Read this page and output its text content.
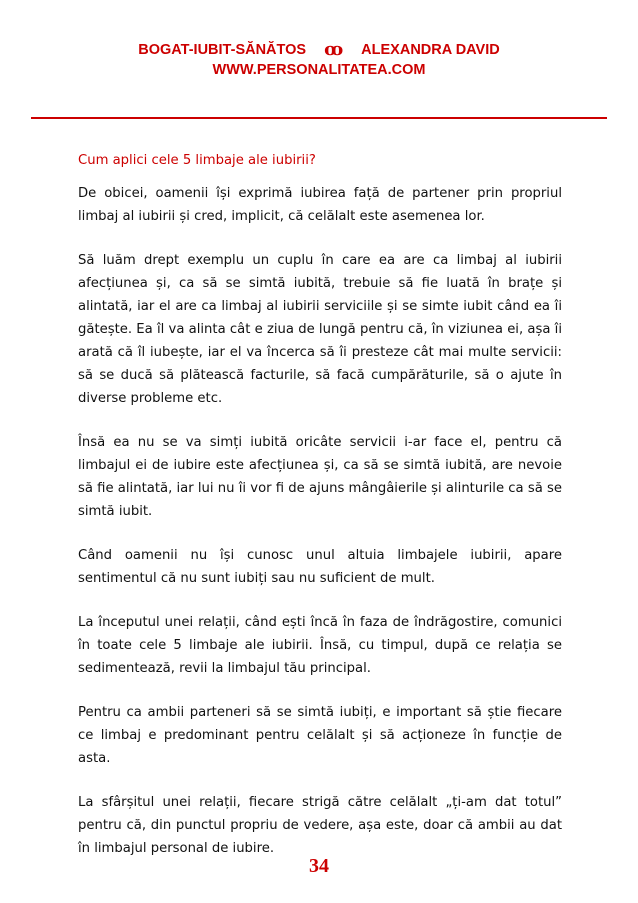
BOGAT-IUBIT-SĂNĂTOS ꝏ ALEXANDRA DAVID
WWW.PERSONALITATEA.COM

Cum aplici cele 5 limbaje ale iubirii?

De obicei, oamenii își exprimă iubirea față de partener prin propriul limbaj al iubirii și cred, implicit, că celălalt este asemenea lor.

Să luăm drept exemplu un cuplu în care ea are ca limbaj al iubirii afecțiunea și, ca să se simtă iubită, trebuie să fie luată în brațe și alintată, iar el are ca limbaj al iubirii serviciile și se simte iubit când ea îi gătește. Ea îl va alinta cât e ziua de lungă pentru că, în viziunea ei, așa îi arată că îl iubește, iar el va încerca să îi presteze cât mai multe servicii: să se ducă să plătească facturile, să facă cumpărăturile, să o ajute în diverse probleme etc.

Însă ea nu se va simți iubită oricâte servicii i-ar face el, pentru că limbajul ei de iubire este afecțiunea și, ca să se simtă iubită, are nevoie să fie alintată, iar lui nu îi vor fi de ajuns mângâierile și alinturile ca să se simtă iubit.

Când oamenii nu își cunosc unul altuia limbajele iubirii, apare sentimentul că nu sunt iubiți sau nu suficient de mult.

La începutul unei relații, când ești încă în faza de îndrăgostire, comunici în toate cele 5 limbaje ale iubirii. Însă, cu timpul, după ce relația se sedimentează, revii la limbajul tău principal.

Pentru ca ambii parteneri să se simtă iubiți, e important să știe fiecare ce limbaj e predominant pentru celălalt și să acționeze în funcție de asta.

La sfârșitul unei relații, fiecare strigă către celălalt „ți-am dat totul” pentru că, din punctul propriu de vedere, așa este, doar că ambii au dat în limbajul personal de iubire.

34
